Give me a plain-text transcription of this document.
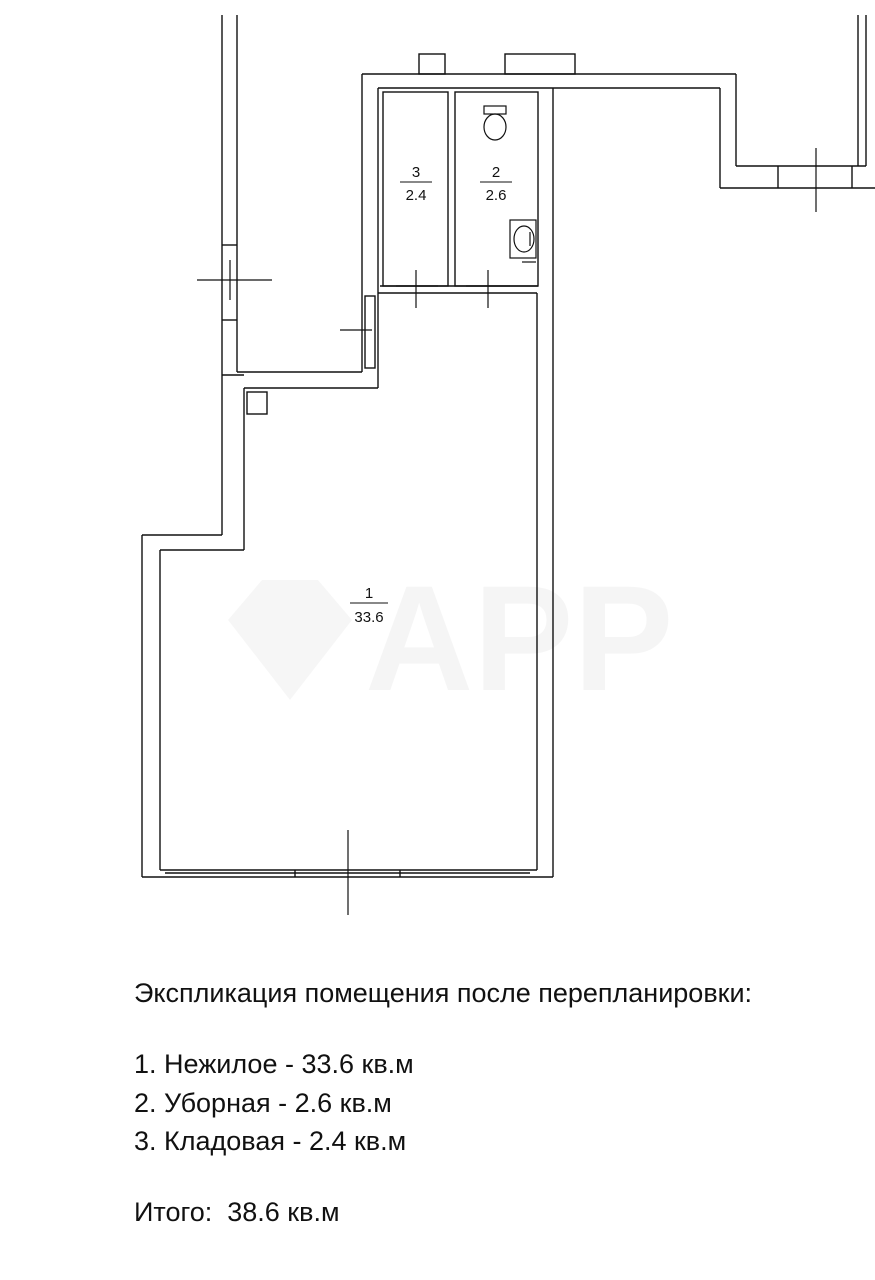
3
2.4
2
2.6
1
33.6
Экспликация помещения после перепланировки:
1. Нежилое - 33.6 кв.м
2. Уборная - 2.6 кв.м
3. Кладовая - 2.4 кв.м
Итого:  38.6 кв.м
